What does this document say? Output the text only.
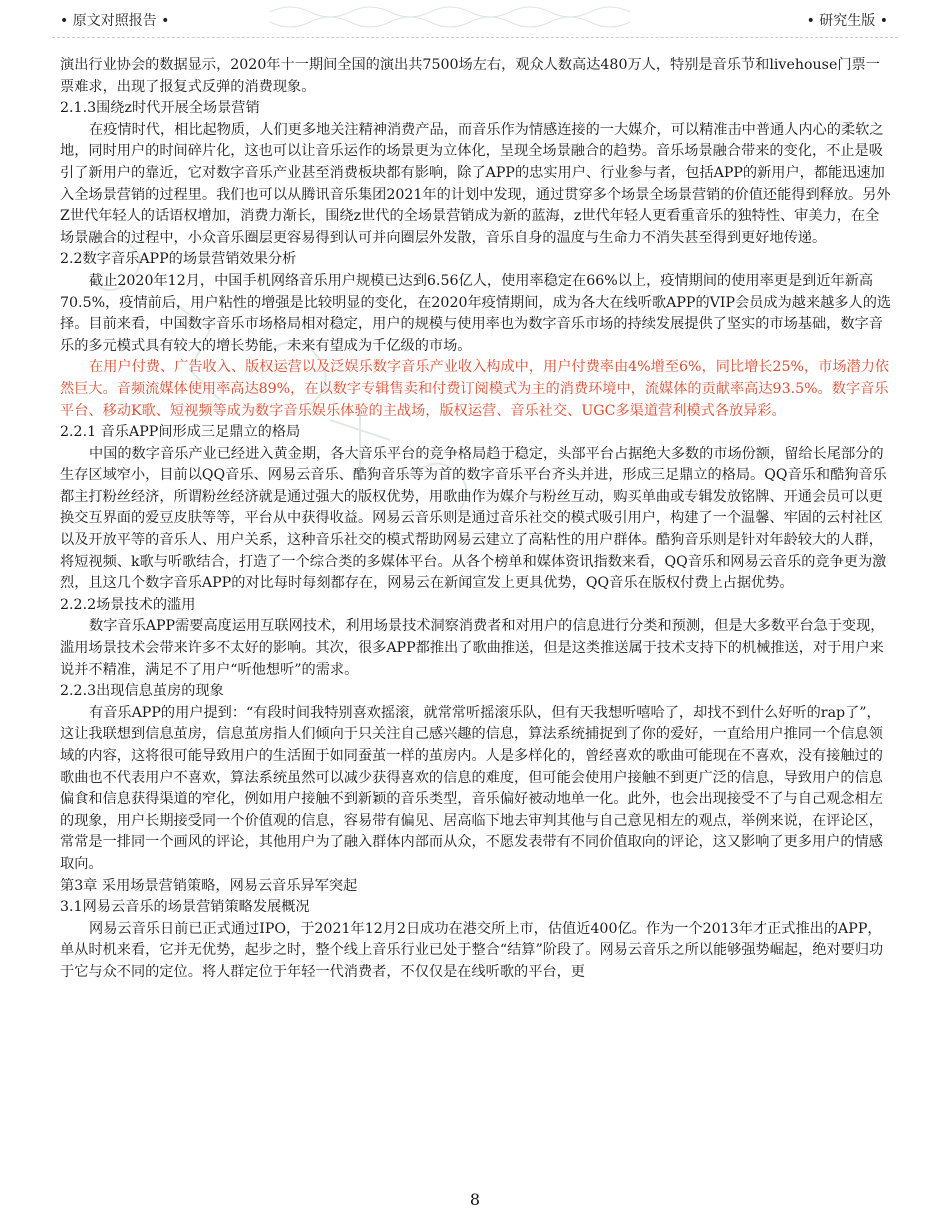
• 原文对照报告 •	• 研究生版 •

演出行业协会的数据显示，2020年十一期间全国的演出共7500场左右，观众人数高达480万人，特别是音乐节和livehouse门票一票难求，出现了报复式反弹的消费现象。

2.1.3围绕z时代开展全场景营销

在疫情时代，相比起物质，人们更多地关注精神消费产品，而音乐作为情感连接的一大媒介，可以精准击中普通人内心的柔软之地，同时用户的时间碎片化，这也可以让音乐运作的场景更为立体化，呈现全场景融合的趋势。音乐场景融合带来的变化，不止是吸引了新用户的靠近，它对数字音乐产业甚至消费板块都有影响，除了APP的忠实用户、行业参与者，包括APP的新用户，都能迅速加入全场景营销的过程里。我们也可以从腾讯音乐集团2021年的计划中发现，通过贯穿多个场景全场景营销的价值还能得到释放。另外Z世代年轻人的话语权增加，消费力渐长，围绕z世代的全场景营销成为新的蓝海，z世代年轻人更看重音乐的独特性、审美力，在全场景融合的过程中，小众音乐圈层更容易得到认可并向圈层外发散，音乐自身的温度与生命力不消失甚至得到更好地传递。

2.2数字音乐APP的场景营销效果分析

截止2020年12月，中国手机网络音乐用户规模已达到6.56亿人，使用率稳定在66%以上，疫情期间的使用率更是到近年新高70.5%，疫情前后，用户粘性的增强是比较明显的变化，在2020年疫情期间，成为各大在线听歌APP的VIP会员成为越来越多人的选择。目前来看，中国数字音乐市场格局相对稳定，用户的规模与使用率也为数字音乐市场的持续发展提供了坚实的市场基础，数字音乐的多元模式具有较大的增长势能，未来有望成为千亿级的市场。

在用户付费、广告收入、版权运营以及泛娱乐数字音乐产业收入构成中，用户付费率由4%增至6%，同比增长25%，市场潜力依然巨大。音频流媒体使用率高达89%，在以数字专辑售卖和付费订阅模式为主的消费环境中，流媒体的贡献率高达93.5%。数字音乐平台、移动K歌、短视频等成为数字音乐娱乐体验的主战场，版权运营、音乐社交、UGC多渠道营利模式各放异彩。

2.2.1 音乐APP间形成三足鼎立的格局

中国的数字音乐产业已经进入黄金期，各大音乐平台的竞争格局趋于稳定，头部平台占据绝大多数的市场份额，留给长尾部分的生存区域窄小，目前以QQ音乐、网易云音乐、酷狗音乐等为首的数字音乐平台齐头并进，形成三足鼎立的格局。QQ音乐和酷狗音乐都主打粉丝经济，所谓粉丝经济就是通过强大的版权优势，用歌曲作为媒介与粉丝互动，购买单曲或专辑发放铭牌、开通会员可以更换交互界面的爱豆皮肤等等，平台从中获得收益。网易云音乐则是通过音乐社交的模式吸引用户，构建了一个温馨、牢固的云村社区以及开放平等的音乐人、用户关系，这种音乐社交的模式帮助网易云建立了高粘性的用户群体。酷狗音乐则是针对年龄较大的人群，将短视频、k歌与听歌结合，打造了一个综合类的多媒体平台。从各个榜单和媒体资讯指数来看，QQ音乐和网易云音乐的竞争更为激烈，且这几个数字音乐APP的对比每时每刻都存在，网易云在新闻宣发上更具优势，QQ音乐在版权付费上占据优势。

2.2.2场景技术的滥用

数字音乐APP需要高度运用互联网技术，利用场景技术洞察消费者和对用户的信息进行分类和预测，但是大多数平台急于变现，滥用场景技术会带来许多不太好的影响。其次，很多APP都推出了歌曲推送，但是这类推送属于技术支持下的机械推送，对于用户来说并不精准，满足不了用户“听他想听”的需求。

2.2.3出现信息茧房的现象

有音乐APP的用户提到：“有段时间我特别喜欢摇滚，就常常听摇滚乐队，但有天我想听嘻哈了，却找不到什么好听的rap了”，这让我联想到信息茧房，信息茧房指人们倾向于只关注自己感兴趣的信息，算法系统捕捉到了你的爱好，一直给用户推同一个信息领域的内容，这将很可能导致用户的生活囿于如同蚕茧一样的茧房内。人是多样化的，曾经喜欢的歌曲可能现在不喜欢，没有接触过的歌曲也不代表用户不喜欢，算法系统虽然可以减少获得喜欢的信息的难度，但可能会使用户接触不到更广泛的信息，导致用户的信息偏食和信息获得渠道的窄化，例如用户接触不到新颖的音乐类型，音乐偏好被动地单一化。此外，也会出现接受不了与自己观念相左的现象，用户长期接受同一个价值观的信息，容易带有偏见、居高临下地去审判其他与自己意见相左的观点，举例来说，在评论区，常常是一排同一个画风的评论，其他用户为了融入群体内部而从众，不愿发表带有不同价值取向的评论，这又影响了更多用户的情感取向。

第3章 采用场景营销策略，网易云音乐异军突起
3.1网易云音乐的场景营销策略发展概况

网易云音乐日前已正式通过IPO，于2021年12月2日成功在港交所上市，估值近400亿。作为一个2013年才正式推出的APP，单从时机来看，它并无优势，起步之时，整个线上音乐行业已处于整合“结算”阶段了。网易云音乐之所以能够强势崛起，绝对要归功于它与众不同的定位。将人群定位于年轻一代消费者，不仅仅是在线听歌的平台，更

8
